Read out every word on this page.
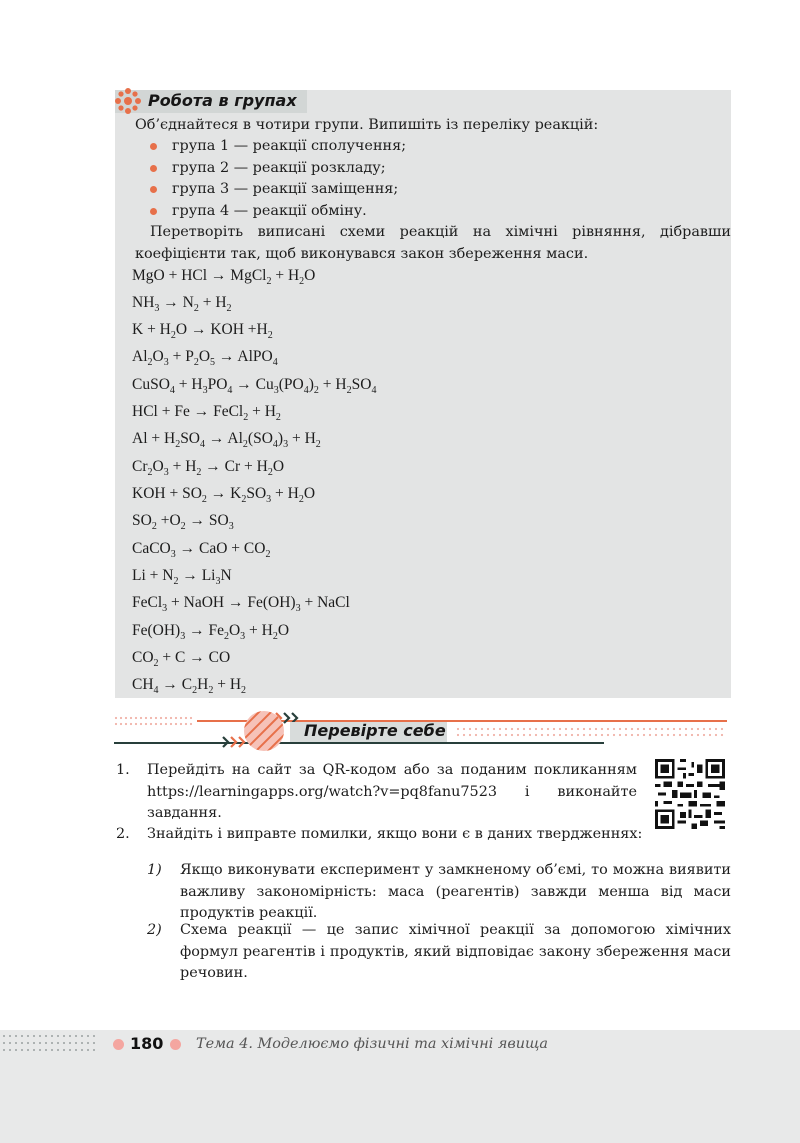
Робота в групах
Об’єднайтеся в чотири групи. Випишіть із переліку реакцій:
група 1 — реакції сполучення;
група 2 — реакції розкладу;
група 3 — реакції заміщення;
група 4 — реакції обміну.
Перетворіть виписані схеми реакцій на хімічні рівняння, дібравши коефіцієнти так, щоб виконувався закон збереження маси.
MgO + HCl → MgCl$_2$ + $H_2O$
$NH_3 \to N_2 + H_2$
$K + H_2O$ → KOH $+H_2$
$Al_2O_3 + P_2O_5$ → AlPO$_4$
CuSO$_4$ + $H_3PO_4 \to Cu_3(PO_4)_2 + H_2SO_4$
HCl + Fe → FeCl$_2$ + $H_2$
$Al + H_2SO_4 \to Al_2(SO_4)_3 + H_2$
$Cr_2O_3 + H_2 \to Cr + H_2O$
KOH + $SO_2 \to K_2SO_3 + H_2O$
$SO_2 +O_2 \to SO_3$
CaCO$_3$ → CaO + $CO_2$
$Li + N_2 \to Li_3N$
FeCl$_3$ + NaOH → $Fe(OH)_3$ + NaCl
$Fe(OH)_3 \to Fe_2O_3 + H_2O$
$CO_2 + C$ → CO
$CH_4 \to C_2H_2 + H_2$
Перевірте себе
1. Перейдіть на сайт за QR-кодом або за поданим покликанням https://learningapps.org/watch?v=pq8fanu7523 і виконайте завдання.
2. Знайдіть і виправте помилки, якщо вони є в даних твердженнях:
1) Якщо виконувати експеримент у замкненому об’ємі, то можна виявити важливу закономірність: маса (реагентів) завжди менша від маси продуктів реакції.
2) Схема реакції — це запис хімічної реакції за допомогою хімічних формул реагентів і продуктів, який відповідає закону збереження маси речовин.
180 Тема 4. Моделюємо фізичні та хімічні явища
